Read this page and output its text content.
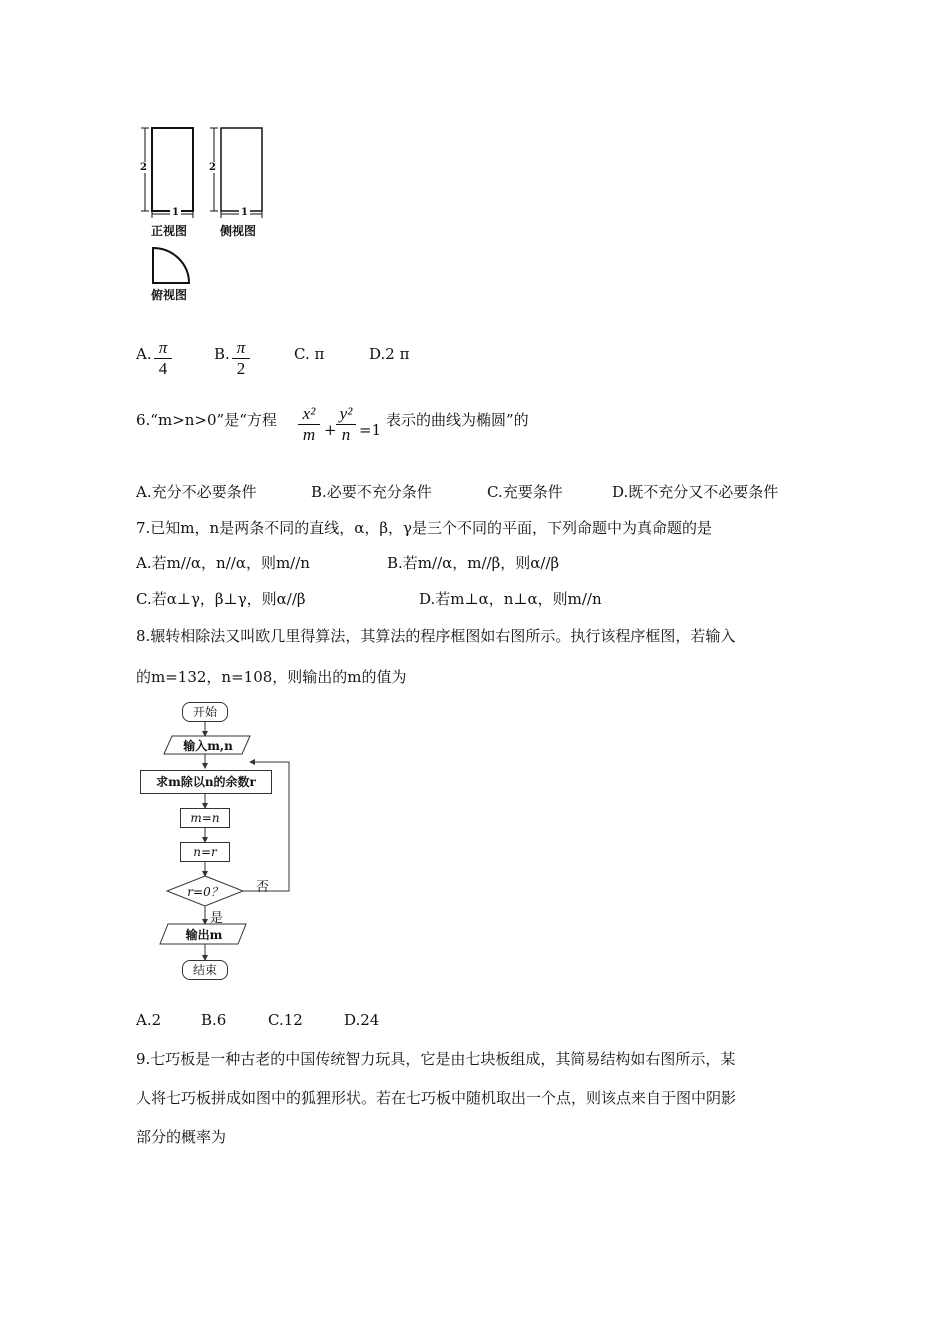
2	2
1	1
正视图	侧视图
俯视图
A. $\frac{\pi}{4}$	B. $\frac{\pi}{2}$	C. π	D.2 π
6.“m>n>0”是“方程 $\frac{\text{x²}}{m} + \frac{\text{y²}}{n} =1$
表示的曲线为椭圆”的
A.充分不必要条件	B.必要不充分条件	C.充要条件	D.既不充分又不必要条件
7.已知m，n是两条不同的直线，α，β，γ是三个不同的平面，下列命题中为真命题的是
A.若m//α，n//α，则m//n	B.若m//α，m//β，则α//β
C.若α⊥γ，β⊥γ，则α//β	D.若m⊥α，n⊥α，则m//n
8.辗转相除法又叫欧几里得算法，其算法的程序框图如右图所示。执行该程序框图，若输入
的m=132，n=108，则输出的m的值为
开始
输入m,n
求m除以n的余数r
m=n
n=r
r=0？	否
是
输出m
结束
A.2	B.6	C.12	D.24
9.七巧板是一种古老的中国传统智力玩具，它是由七块板组成，其简易结构如右图所示，某
人将七巧板拼成如图中的狐狸形状。若在七巧板中随机取出一个点，则该点来自于图中阴影
部分的概率为
